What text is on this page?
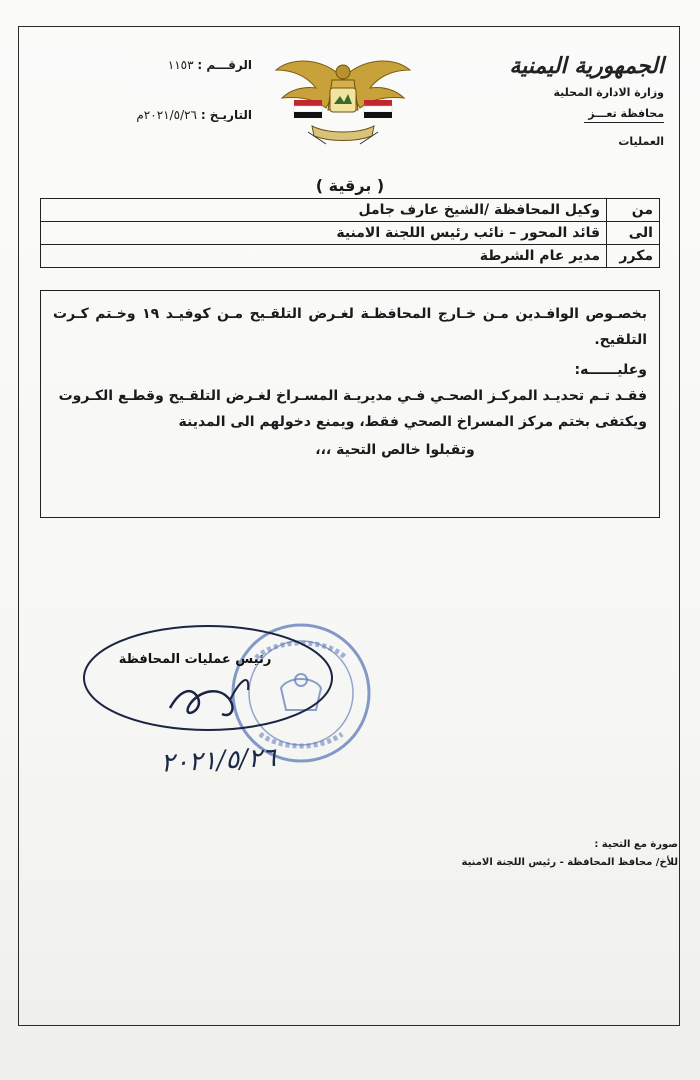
الجمهورية اليمنية
وزارة الادارة المحلية
محافظة تعـــز
العمليات
الرقـــم : ١١٥٣
التاريـخ : ٢٠٢١/٥/٢٦م
( برقية )
من	وكيل المحافظة /الشيخ عارف جامل
الى	قائد المحور – نائب رئيس اللجنة الامنية
مكرر	مدير عام الشرطة

بخصـوص الوافـدين مـن خـارج المحافظـة لغـرض التلقـيح مـن كوفيـد ١٩ وخـتم كـرت التلقيح.

وعليــــــه:

فقـد تـم تحديـد المركـز الصحـي فـي مديريـة المسـراخ لغـرض التلقـيح وقطـع الكـروت

ويكتفى بختم مركز المسراخ الصحي فقط، ويمنع دخولهم الى المدينة

وتقبلوا خالص التحية ،،،

رئيس عمليات المحافظة
٢٠٢١/٥/٢٦
صورة مع التحية :
للأخ/ محافظ المحافظة - رئيس اللجنة الامنية
